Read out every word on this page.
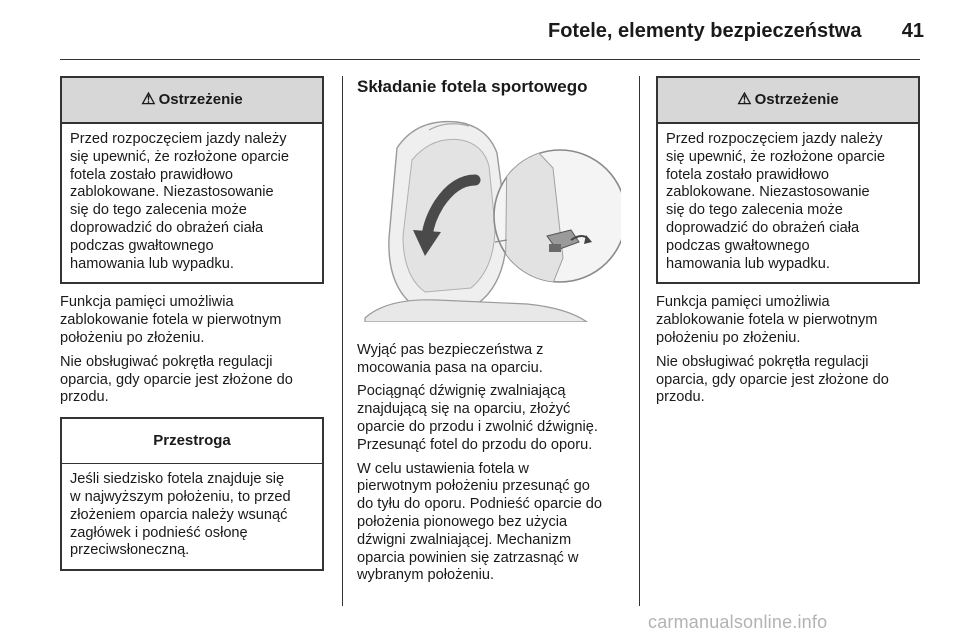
Fotele, elementy bezpieczeństwa	41
⚠ Ostrzeżenie

Przed rozpoczęciem jazdy należy

się upewnić, że rozłożone oparcie

fotela zostało prawidłowo

zablokowane. Niezastosowanie

się do tego zalecenia może

doprowadzić do obrażeń ciała

podczas gwałtownego

hamowania lub wypadku.

Funkcja pamięci umożliwia
zablokowanie fotela w pierwotnym
położeniu po złożeniu.
Nie obsługiwać pokrętła regulacji
oparcia, gdy oparcie jest złożone do
przodu.
Przestroga

Jeśli siedzisko fotela znajduje się

w najwyższym położeniu, to przed

złożeniem oparcia należy wsunąć

zagłówek i podnieść osłonę

przeciwsłoneczną.

Składanie fotela sportowego
Wyjąć pas bezpieczeństwa z
mocowania pasa na oparciu.
Pociągnąć dźwignię zwalniającą
znajdującą się na oparciu, złożyć
oparcie do przodu i zwolnić dźwignię.
Przesunąć fotel do przodu do oporu.
W celu ustawienia fotela w
pierwotnym położeniu przesunąć go
do tyłu do oporu. Podnieść oparcie do
położenia pionowego bez użycia
dźwigni zwalniającej. Mechanizm
oparcia powinien się zatrzasnąć w
wybranym położeniu.
⚠ Ostrzeżenie

Przed rozpoczęciem jazdy należy

się upewnić, że rozłożone oparcie

fotela zostało prawidłowo

zablokowane. Niezastosowanie

się do tego zalecenia może

doprowadzić do obrażeń ciała

podczas gwałtownego

hamowania lub wypadku.

Funkcja pamięci umożliwia
zablokowanie fotela w pierwotnym
położeniu po złożeniu.
Nie obsługiwać pokrętła regulacji
oparcia, gdy oparcie jest złożone do
przodu.
carmanualsonline.info
